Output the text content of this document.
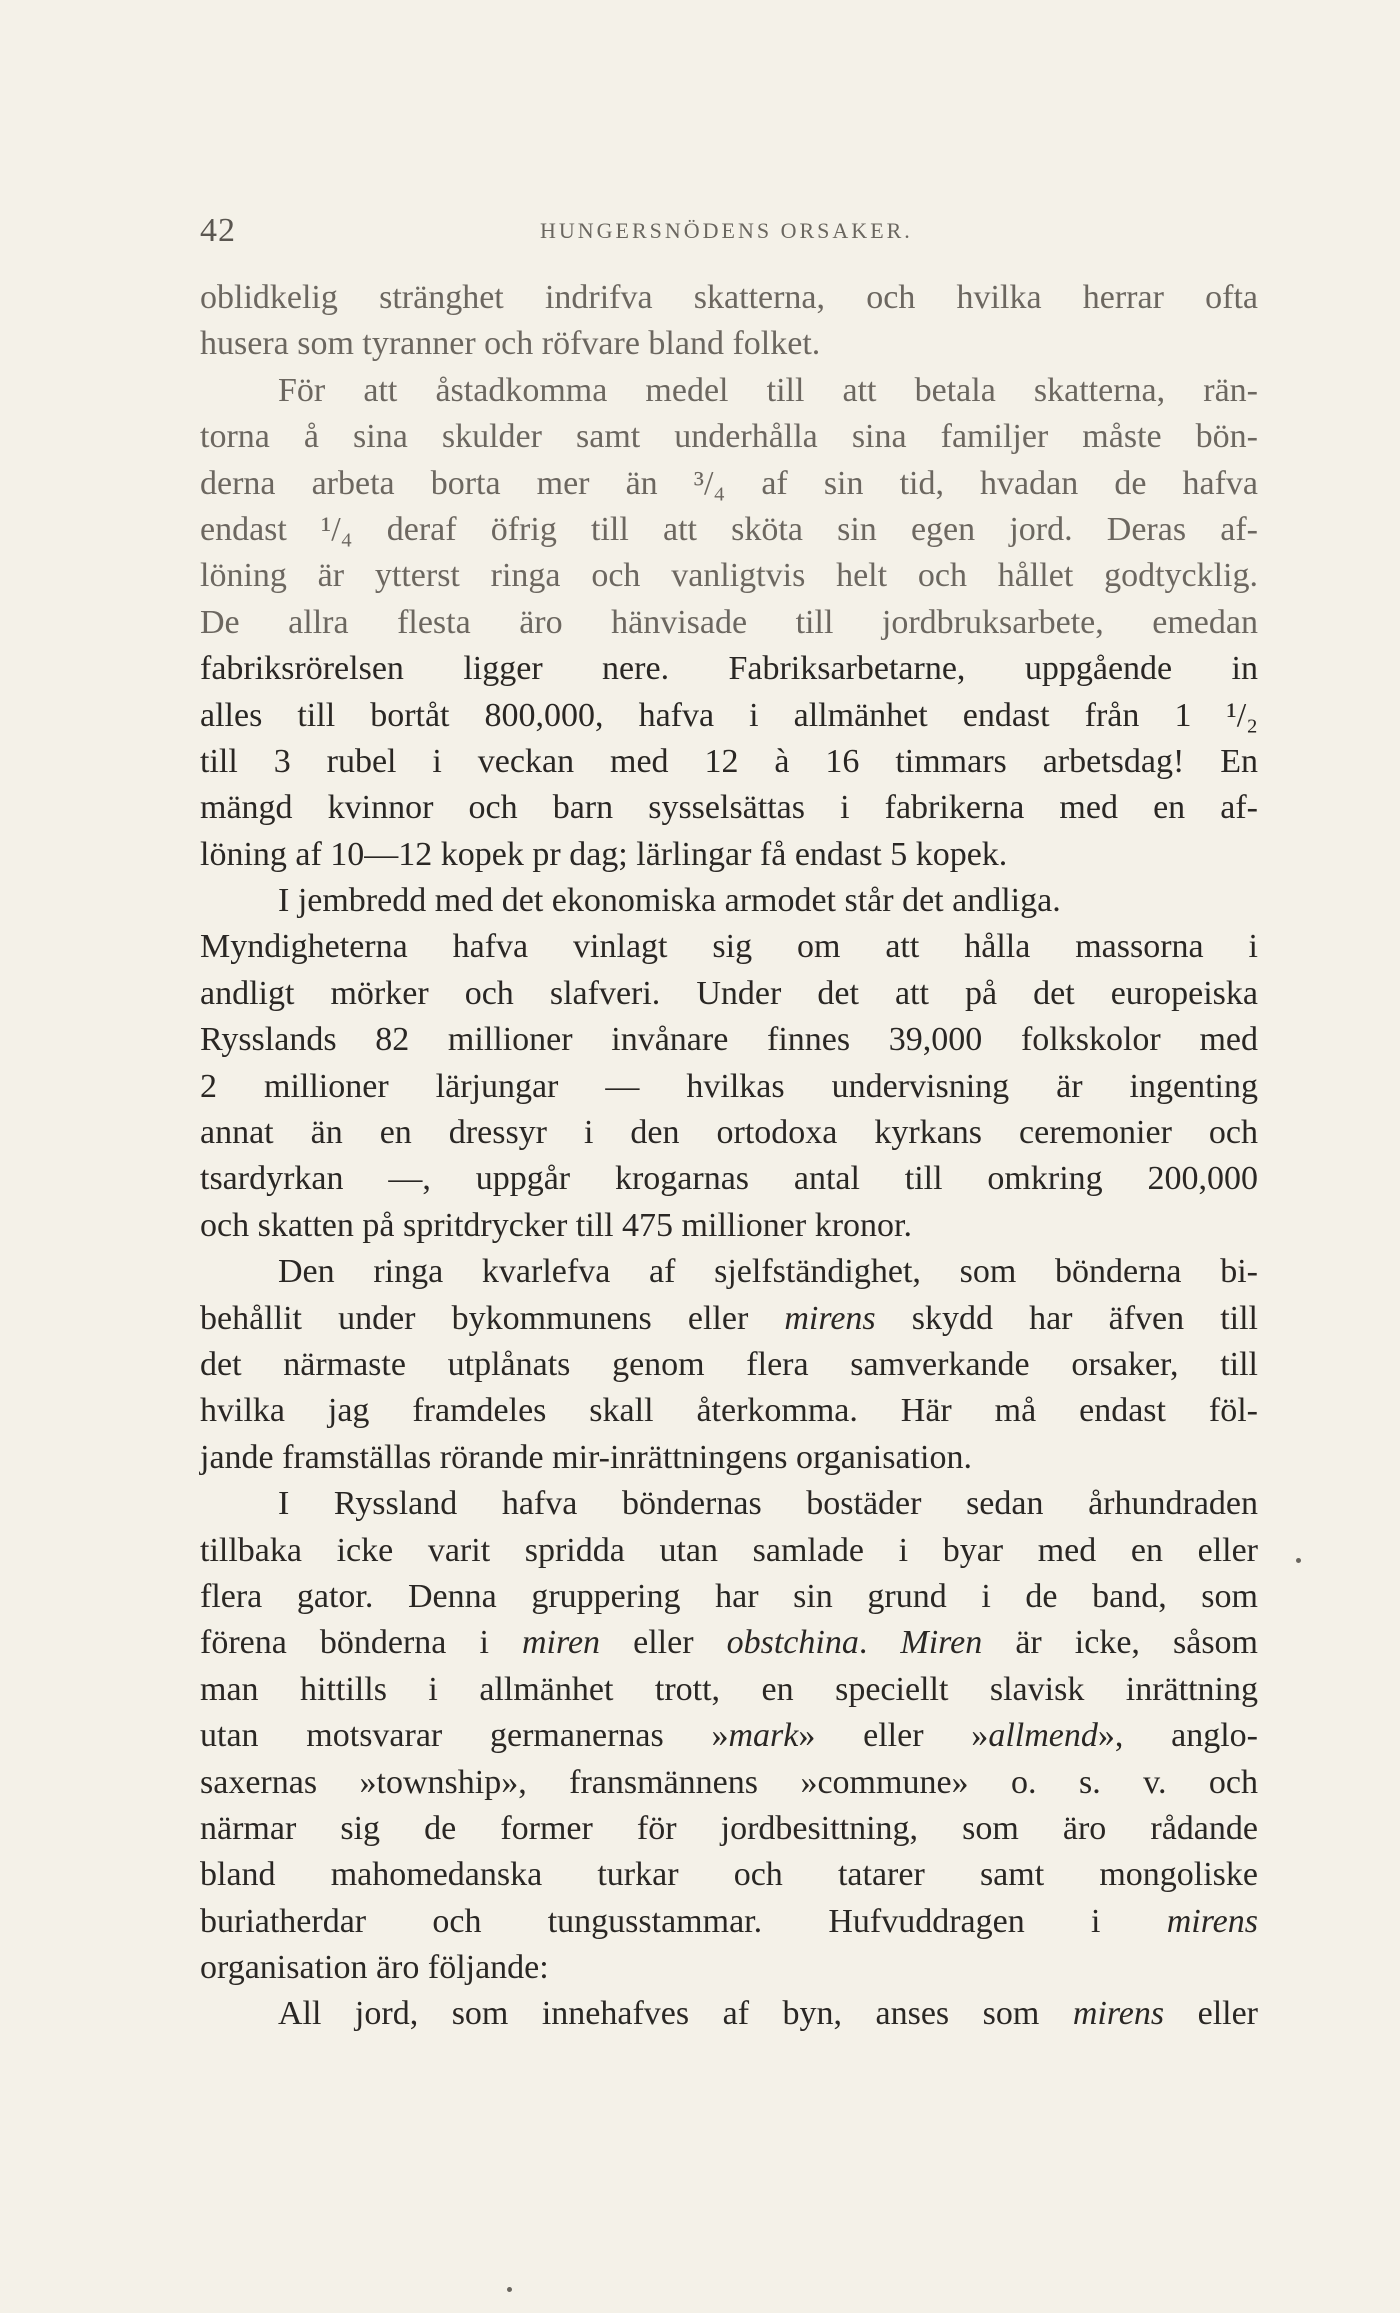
42	HUNGERSNÖDENS ORSAKER.
oblidkelig stränghet indrifva skatterna, och hvilka herrar ofta
husera som tyranner och röfvare bland folket.
För att åstadkomma medel till att betala skatterna, rän-
torna å sina skulder samt underhålla sina familjer måste bön-
derna arbeta borta mer än ³/₄ af sin tid, hvadan de hafva
endast ¹/₄ deraf öfrig till att sköta sin egen jord. Deras af-
löning är ytterst ringa och vanligtvis helt och hållet godtycklig.
De allra flesta äro hänvisade till jordbruksarbete, emedan
fabriksrörelsen ligger nere. Fabriksarbetarne, uppgående in
alles till bortåt 800,000, hafva i allmänhet endast från 1 ¹/₂
till 3 rubel i veckan med 12 à 16 timmars arbetsdag! En
mängd kvinnor och barn sysselsättas i fabrikerna med en af-
löning af 10—12 kopek pr dag; lärlingar få endast 5 kopek.
I jembredd med det ekonomiska armodet står det andliga.
Myndigheterna hafva vinlagt sig om att hålla massorna i
andligt mörker och slafveri. Under det att på det europeiska
Rysslands 82 millioner invånare finnes 39,000 folkskolor med
2 millioner lärjungar — hvilkas undervisning är ingenting
annat än en dressyr i den ortodoxa kyrkans ceremonier och
tsardyrkan —, uppgår krogarnas antal till omkring 200,000
och skatten på spritdrycker till 475 millioner kronor.
Den ringa kvarlefva af sjelfständighet, som bönderna bi-
behållit under bykommunens eller mirens skydd har äfven till
det närmaste utplånats genom flera samverkande orsaker, till
hvilka jag framdeles skall återkomma. Här må endast föl-
jande framställas rörande mir-inrättningens organisation.
I Ryssland hafva böndernas bostäder sedan århundraden
tillbaka icke varit spridda utan samlade i byar med en eller
flera gator. Denna gruppering har sin grund i de band, som
förena bönderna i miren eller obstchina. Miren är icke, såsom
man hittills i allmänhet trott, en speciellt slavisk inrättning
utan motsvarar germanernas »mark» eller »allmend», anglo-
saxernas »township», fransmännens »commune» o. s. v. och
närmar sig de former för jordbesittning, som äro rådande
bland mahomedanska turkar och tatarer samt mongoliske
buriatherdar och tungusstammar. Hufvuddragen i mirens
organisation äro följande:
All jord, som innehafves af byn, anses som mirens eller
